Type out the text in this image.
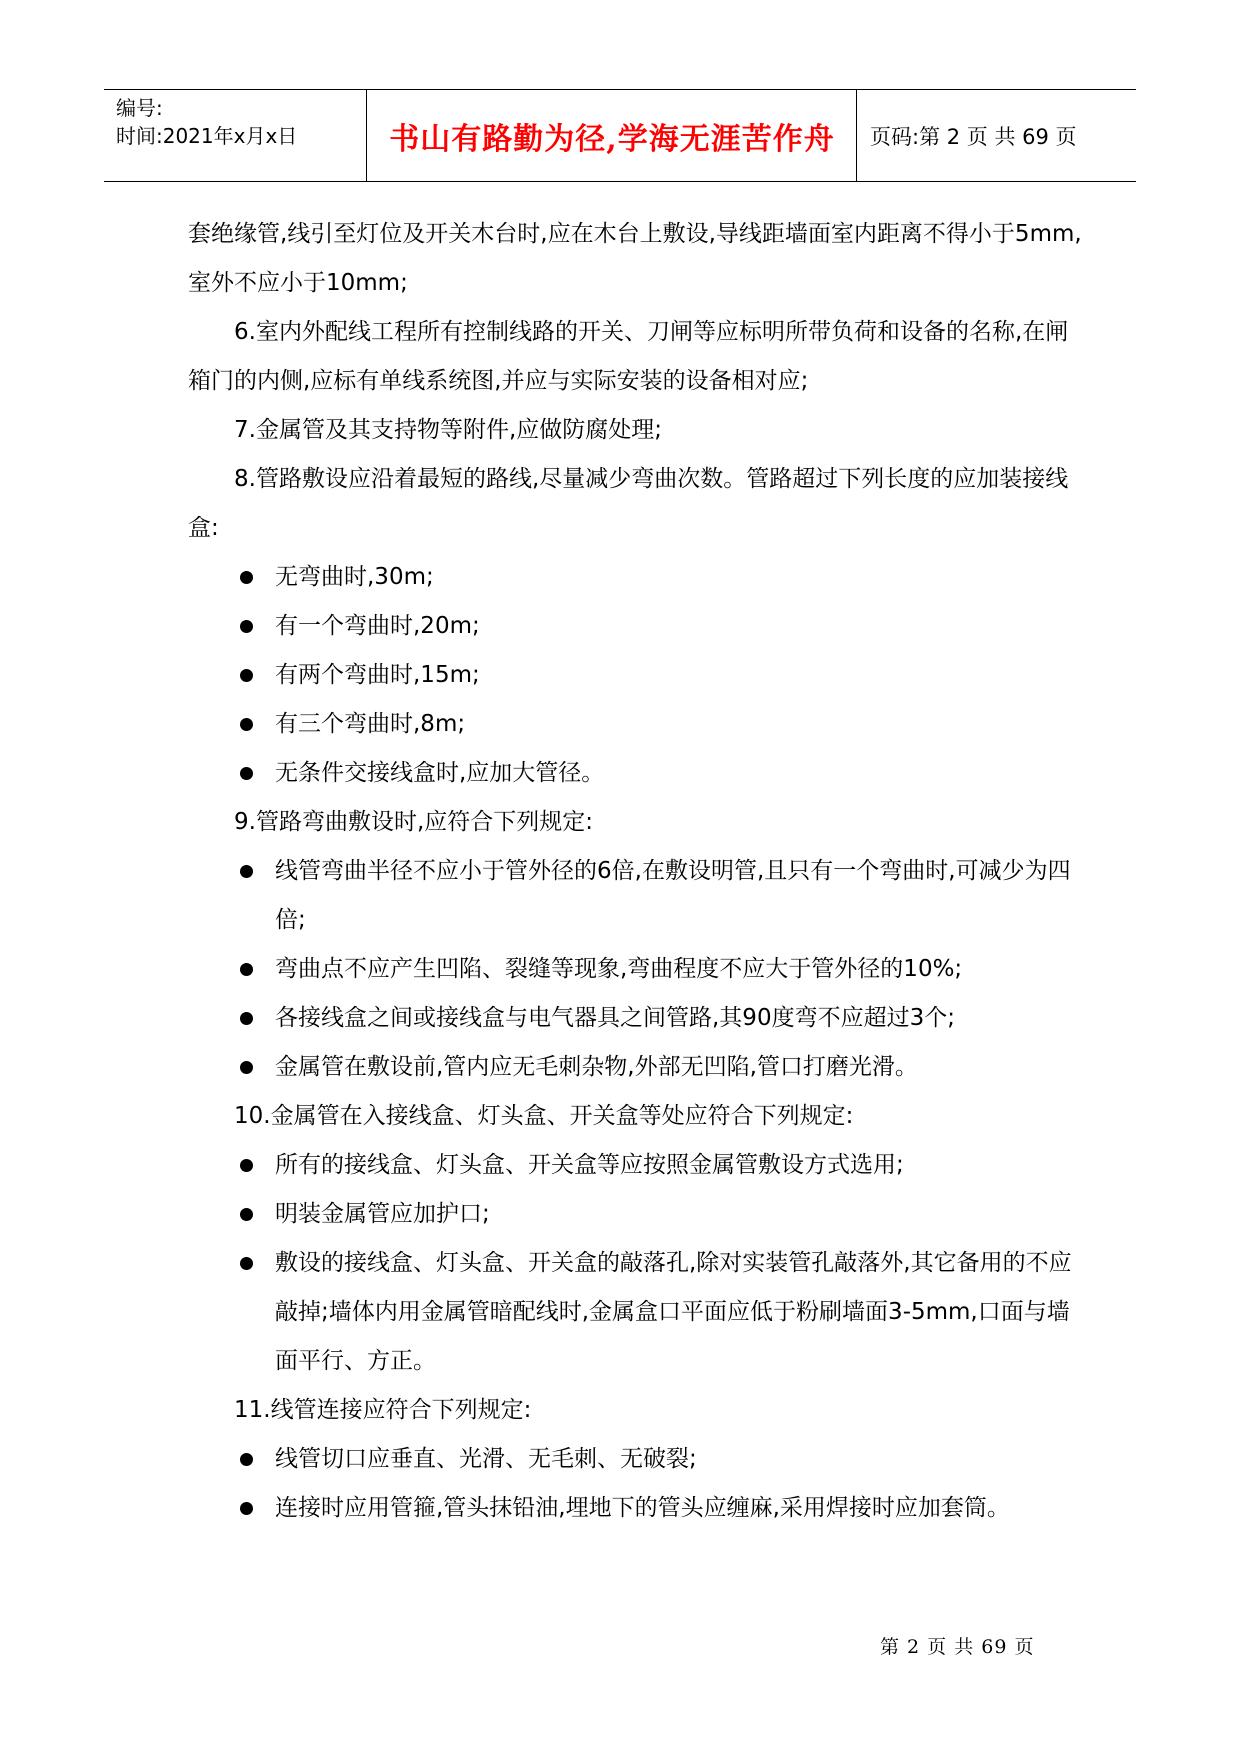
编号:
时间:2021年x月x日	书山有路勤为径,学海无涯苦作舟	页码:第 2 页 共 69 页

套绝缘管,线引至灯位及开关木台时,应在木台上敷设,导线距墙面室内距离不得小于5mm,室外不应小于10mm;

6.室内外配线工程所有控制线路的开关、刀闸等应标明所带负荷和设备的名称,在闸箱门的内侧,应标有单线系统图,并应与实际安装的设备相对应;

7.金属管及其支持物等附件,应做防腐处理;

8.管路敷设应沿着最短的路线,尽量减少弯曲次数。管路超过下列长度的应加装接线盒:

无弯曲时,30m;
有一个弯曲时,20m;
有两个弯曲时,15m;
有三个弯曲时,8m;
无条件交接线盒时,应加大管径。

9.管路弯曲敷设时,应符合下列规定:

线管弯曲半径不应小于管外径的6倍,在敷设明管,且只有一个弯曲时,可减少为四倍;
弯曲点不应产生凹陷、裂缝等现象,弯曲程度不应大于管外径的10%;
各接线盒之间或接线盒与电气器具之间管路,其90度弯不应超过3个;
金属管在敷设前,管内应无毛刺杂物,外部无凹陷,管口打磨光滑。

10.金属管在入接线盒、灯头盒、开关盒等处应符合下列规定:

所有的接线盒、灯头盒、开关盒等应按照金属管敷设方式选用;
明装金属管应加护口;
敷设的接线盒、灯头盒、开关盒的敲落孔,除对实装管孔敲落外,其它备用的不应敲掉;墙体内用金属管暗配线时,金属盒口平面应低于粉刷墙面3-5mm,口面与墙面平行、方正。

11.线管连接应符合下列规定:

线管切口应垂直、光滑、无毛刺、无破裂;
连接时应用管箍,管头抹铅油,埋地下的管头应缠麻,采用焊接时应加套筒。
第 2 页 共 69 页
